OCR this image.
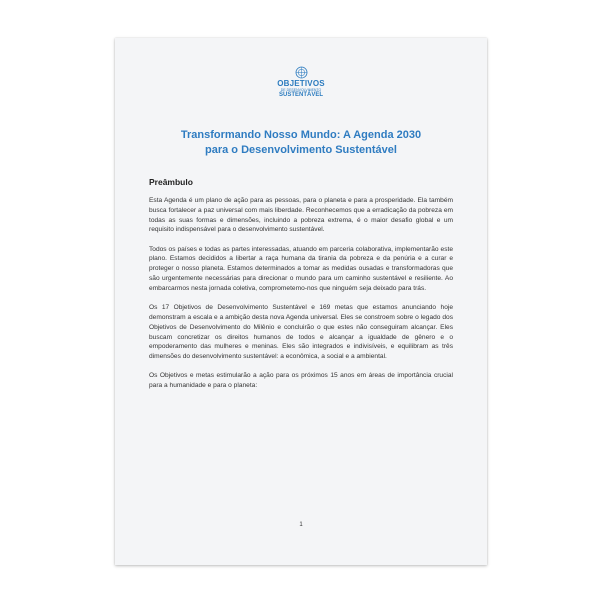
OBJETIVOS
DE DESENVOLVIMENTO
SUSTENTÁVEL
Transformando Nosso Mundo: A Agenda 2030
para o Desenvolvimento Sustentável
Preâmbulo

Esta Agenda é um plano de ação para as pessoas, para o planeta e para a prosperidade. Ela também busca fortalecer a paz universal com mais liberdade. Reconhecemos que a erradicação da pobreza em todas as suas formas e dimensões, incluindo a pobreza extrema, é o maior desafio global e um requisito indispensável para o desenvolvimento sustentável.

Todos os países e todas as partes interessadas, atuando em parceria colaborativa, implementarão este plano. Estamos decididos a libertar a raça humana da tirania da pobreza e da penúria e a curar e proteger o nosso planeta. Estamos determinados a tomar as medidas ousadas e transformadoras que são urgentemente necessárias para direcionar o mundo para um caminho sustentável e resiliente. Ao embarcarmos nesta jornada coletiva, comprometemo-nos que ninguém seja deixado para trás.

Os 17 Objetivos de Desenvolvimento Sustentável e 169 metas que estamos anunciando hoje demonstram a escala e a ambição desta nova Agenda universal. Eles se constroem sobre o legado dos Objetivos de Desenvolvimento do Milênio e concluirão o que estes não conseguiram alcançar. Eles buscam concretizar os direitos humanos de todos e alcançar a igualdade de gênero e o empoderamento das mulheres e meninas. Eles são integrados e indivisíveis, e equilibram as três dimensões do desenvolvimento sustentável: a econômica, a social e a ambiental.

Os Objetivos e metas estimularão a ação para os próximos 15 anos em áreas de importância crucial para a humanidade e para o planeta:

1
